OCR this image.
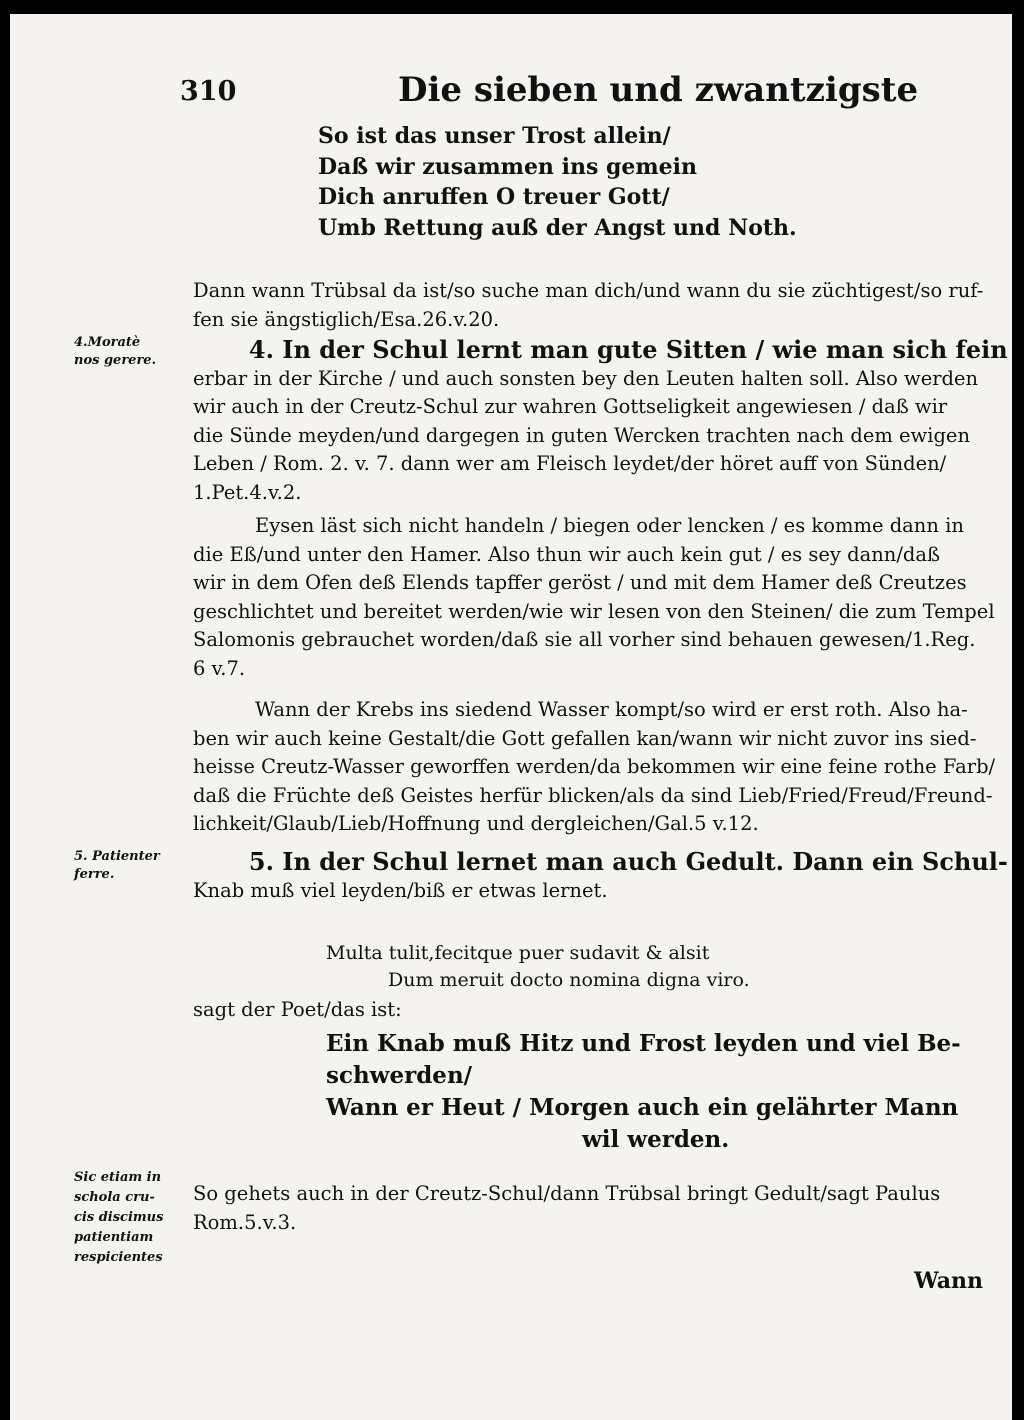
310	Die sieben und zwantzigste
So ist das unser Trost allein/
Daß wir zusammen ins gemein
Dich anruffen O treuer Gott/
Umb Rettung auß der Angst und Noth.
Dann wann Trübsal da ist/so suche man dich/und wann du sie züchtigest/so ruf-
fen sie ängstiglich/Esa.26.v.20.
4.Moratè
nos gerere.	4. In der Schul lernt man gute Sitten / wie man sich fein
erbar in der Kirche / und auch sonsten bey den Leuten halten soll. Also werden
wir auch in der Creutz-Schul zur wahren Gottseligkeit angewiesen / daß wir
die Sünde meyden/und dargegen in guten Wercken trachten nach dem ewigen
Leben / Rom. 2. v. 7. dann wer am Fleisch leydet/der höret auff von Sünden/
1.Pet.4.v.2.
Eysen läst sich nicht handeln / biegen oder lencken / es komme dann in
die Eß/und unter den Hamer. Also thun wir auch kein gut / es sey dann/daß
wir in dem Ofen deß Elends tapffer geröst / und mit dem Hamer deß Creutzes
geschlichtet und bereitet werden/wie wir lesen von den Steinen/ die zum Tempel
Salomonis gebrauchet worden/daß sie all vorher sind behauen gewesen/1.Reg.
6 v.7.
Wann der Krebs ins siedend Wasser kompt/so wird er erst roth. Also ha-
ben wir auch keine Gestalt/die Gott gefallen kan/wann wir nicht zuvor ins sied-
heisse Creutz-Wasser geworffen werden/da bekommen wir eine feine rothe Farb/
daß die Früchte deß Geistes herfür blicken/als da sind Lieb/Fried/Freud/Freund-
lichkeit/Glaub/Lieb/Hoffnung und dergleichen/Gal.5 v.12.
5. Patienter
ferre.	5. In der Schul lernet man auch Gedult. Dann ein Schul-
Knab muß viel leyden/biß er etwas lernet.
Multa tulit,fecitque puer sudavit & alsit
Dum meruit docto nomina digna viro.
sagt der Poet/das ist:
Ein Knab muß Hitz und Frost leyden und viel Be-
schwerden/
Wann er Heut / Morgen auch ein gelährter Mann
wil werden.
Sic etiam in
schola cru-
cis discimus
patientiam
respicientes
So gehets auch in der Creutz-Schul/dann Trübsal bringt Gedult/sagt Paulus
Rom.5.v.3.
Wann
